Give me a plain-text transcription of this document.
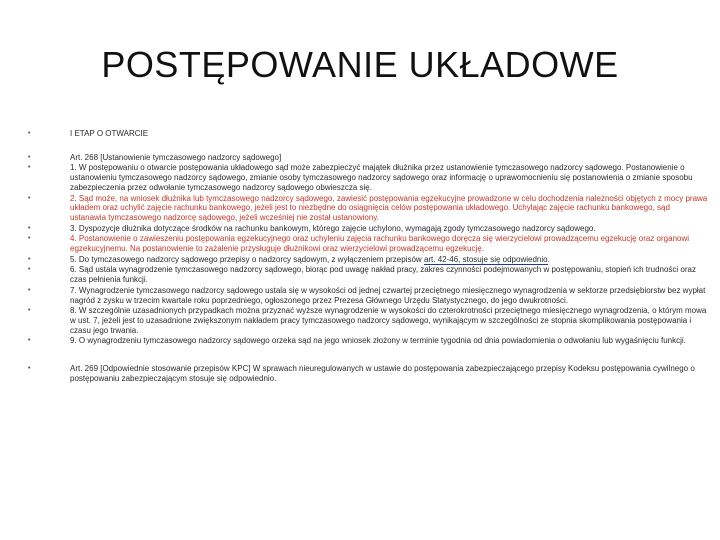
POSTĘPOWANIE UKŁADOWE
•	I ETAP O OTWARCIE
•	Art. 268 [Ustanowienie tymczasowego nadzorcy sądowego]
•	1. W postępowaniu o otwarcie postępowania układowego sąd może zabezpieczyć majątek dłużnika przez ustanowienie tymczasowego nadzorcy sądowego. Postanowienie o ustanowieniu tymczasowego nadzorcy sądowego, zmianie osoby tymczasowego nadzorcy sądowego oraz informację o uprawomocnieniu się postanowienia o zmianie sposobu zabezpieczenia przez odwołanie tymczasowego nadzorcy sądowego obwieszcza się.
•	2. Sąd może, na wniosek dłużnika lub tymczasowego nadzorcy sądowego, zawiesić postępowania egzekucyjne prowadzone w celu dochodzenia należności objętych z mocy prawa układem oraz uchylić zajęcie rachunku bankowego, jeżeli jest to niezbędne do osiągnięcia celów postępowania układowego. Uchylając zajęcie rachunku bankowego, sąd ustanawia tymczasowego nadzorcę sądowego, jeżeli wcześniej nie został ustanowiony.
•	3. Dyspozycje dłużnika dotyczące środków na rachunku bankowym, którego zajęcie uchylono, wymagają zgody tymczasowego nadzorcy sądowego.
•	4. Postanowienie o zawieszeniu postępowania egzekucyjnego oraz uchyleniu zajęcia rachunku bankowego doręcza się wierzycielowi prowadzącemu egzekucję oraz organowi egzekucyjnemu. Na postanowienie to zażalenie przysługuje dłużnikowi oraz wierzycielowi prowadzącemu egzekucję.
•	5. Do tymczasowego nadzorcy sądowego przepisy o nadzorcy sądowym, z wyłączeniem przepisów art. 42-46, stosuje się odpowiednio.
•	6. Sąd ustala wynagrodzenie tymczasowego nadzorcy sądowego, biorąc pod uwagę nakład pracy, zakres czynności podejmowanych w postępowaniu, stopień ich trudności oraz czas pełnienia funkcji.
•	7. Wynagrodzenie tymczasowego nadzorcy sądowego ustala się w wysokości od jednej czwartej przeciętnego miesięcznego wynagrodzenia w sektorze przedsiębiorstw bez wypłat nagród z zysku w trzecim kwartale roku poprzedniego, ogłoszonego przez Prezesa Głównego Urzędu Statystycznego, do jego dwukrotności.
•	8. W szczególnie uzasadnionych przypadkach można przyznać wyższe wynagrodzenie w wysokości do czterokrotności przeciętnego miesięcznego wynagrodzenia, o którym mowa w ust. 7, jeżeli jest to uzasadnione zwiększonym nakładem pracy tymczasowego nadzorcy sądowego, wynikającym w szczególności ze stopnia skomplikowania postępowania i czasu jego trwania.
•	9. O wynagrodzeniu tymczasowego nadzorcy sądowego orzeka sąd na jego wniosek złożony w terminie tygodnia od dnia powiadomienia o odwołaniu lub wygaśnięciu funkcji.
•	Art. 269 [Odpowiednie stosowanie przepisów KPC] W sprawach nieuregulowanych w ustawie do postępowania zabezpieczającego przepisy Kodeksu postępowania cywilnego o postępowaniu zabezpieczającym stosuje się odpowiednio.
